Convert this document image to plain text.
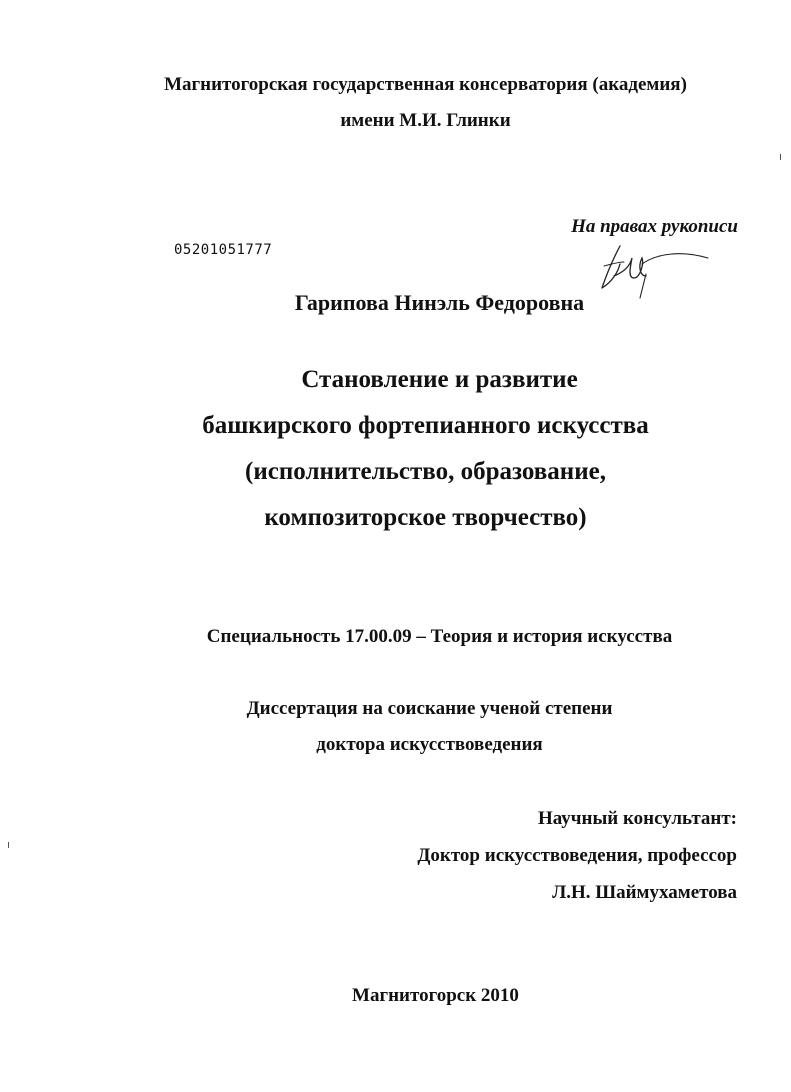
Магнитогорская государственная консерватория (академия)
имени М.И. Глинки
На правах рукописи
05201051777
Гарипова Нинэль Федоровна
Становление и развитие
башкирского фортепианного искусства
(исполнительство, образование,
композиторское творчество)
Специальность 17.00.09 – Теория и история искусства
Диссертация на соискание ученой степени
доктора искусствоведения
Научный консультант:
Доктор искусствоведения, профессор
Л.Н. Шаймухаметова
Магнитогорск 2010
